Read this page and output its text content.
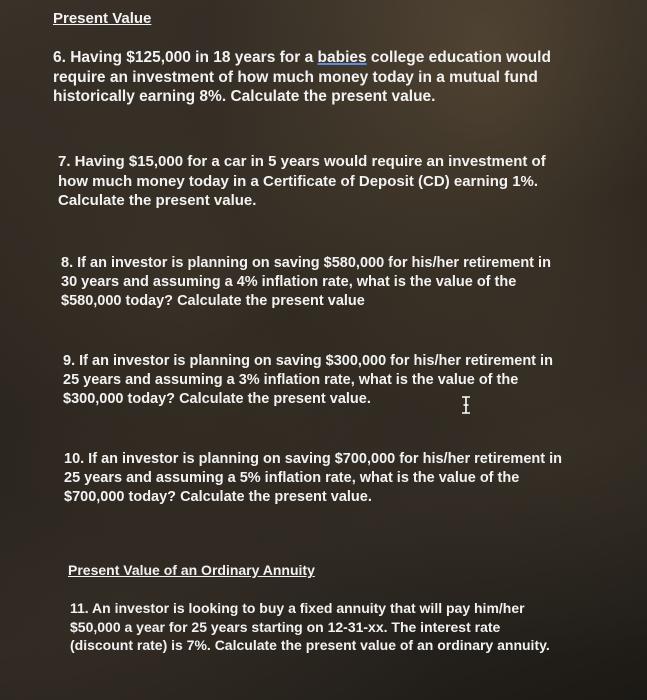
Present Value
6. Having $125,000 in 18 years for a babies college education would
require an investment of how much money today in a mutual fund
historically earning 8%. Calculate the present value.
7. Having $15,000 for a car in 5 years would require an investment of
how much money today in a Certificate of Deposit (CD) earning 1%.
Calculate the present value.
8. If an investor is planning on saving $580,000 for his/her retirement in
30 years and assuming a 4% inflation rate, what is the value of the
$580,000 today? Calculate the present value
9. If an investor is planning on saving $300,000 for his/her retirement in
25 years and assuming a 3% inflation rate, what is the value of the
$300,000 today? Calculate the present value.
10. If an investor is planning on saving $700,000 for his/her retirement in
25 years and assuming a 5% inflation rate, what is the value of the
$700,000 today? Calculate the present value.
Present Value of an Ordinary Annuity
11. An investor is looking to buy a fixed annuity that will pay him/her
$50,000 a year for 25 years starting on 12-31-xx. The interest rate
(discount rate) is 7%. Calculate the present value of an ordinary annuity.
